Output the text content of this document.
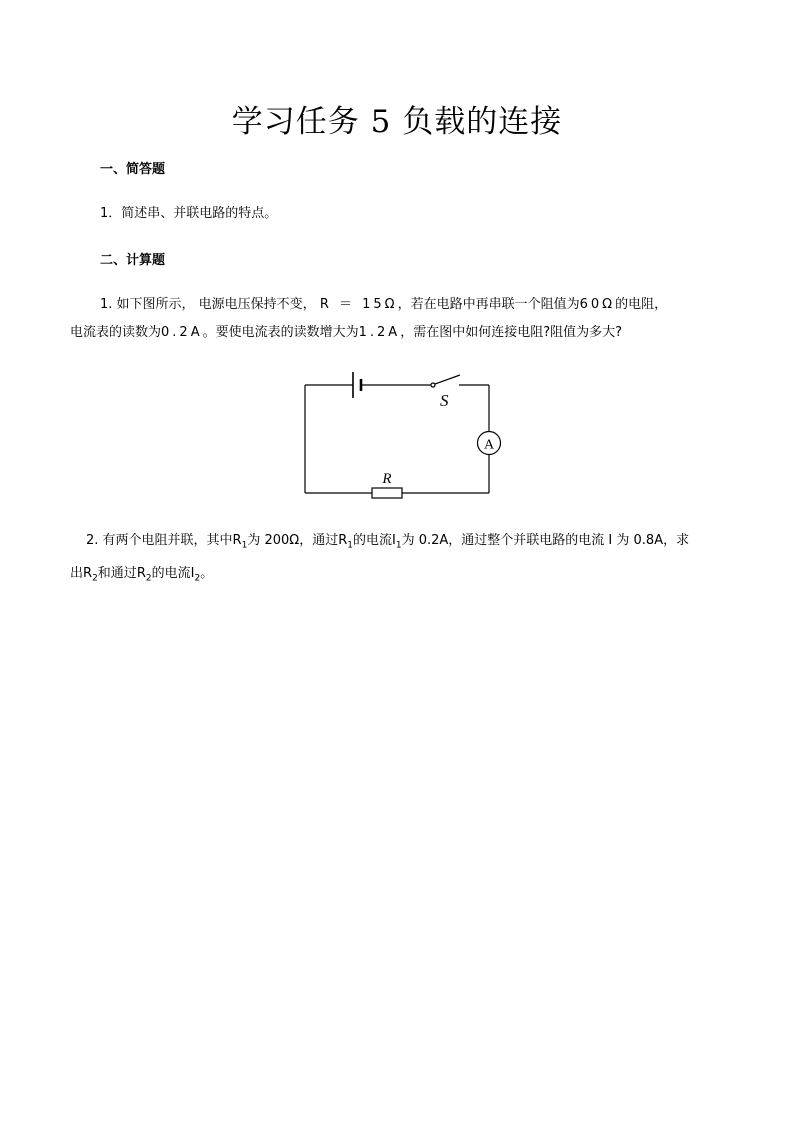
学习任务 5 负载的连接
一、简答题
1．简述串、并联电路的特点。
二、计算题
1. 如下图所示， 电源电压保持不变， R ＝ 15Ω，若在电路中再串联一个阻值为60Ω的电阻，
电流表的读数为0.2A。要使电流表的读数增大为1.2A，需在图中如何连接电阻?阻值为多大?
S
A
R
2. 有两个电阻并联，其中$R_1$为 200Ω，通过$R_1$的电流$I_1$为 0.2A，通过整个并联电路的电流 I 为 0.8A，求
出$R_2$和通过$R_2$的电流$I_2$。
